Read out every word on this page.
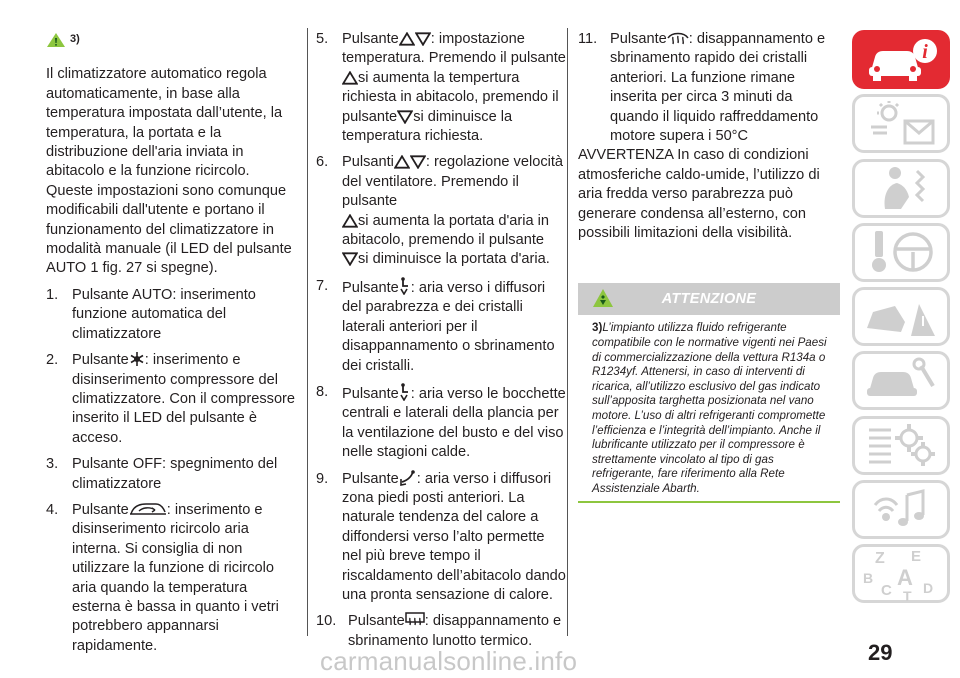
3)

Il climatizzatore automatico regola automaticamente, in base alla temperatura impostata dall’utente, la temperatura, la portata e la distribuzione dell'aria inviata in abitacolo e la funzione ricircolo. Queste impostazioni sono comunque modificabili dall'utente e portano il funzionamento del climatizzatore in modalità manuale (il LED del pulsante AUTO 1 fig. 27 si spegne).

1. Pulsante AUTO: inserimento funzione automatica del climatizzatore
2. Pulsante : inserimento e disinserimento compressore del climatizzatore. Con il compressore inserito il LED del pulsante è acceso.
3. Pulsante OFF: spegnimento del climatizzatore
4. Pulsante	: inserimento e disinserimento ricircolo aria interna. Si consiglia di non utilizzare la funzione di ricircolo aria quando la temperatura esterna è bassa in quanto i vetri potrebbero appannarsi rapidamente.
5. Pulsante : impostazione temperatura. Premendo il pulsante
si aumenta la tempertura richiesta in abitacolo, premendo il pulsante si diminuisce la temperatura richiesta.
6. Pulsanti : regolazione velocità del ventilatore. Premendo il pulsante
si aumenta la portata d'aria in abitacolo, premendo il pulsante
si diminuisce la portata d'aria.
7. Pulsante : aria verso i diffusori del parabrezza e dei cristalli laterali anteriori per il disappannamento o sbrinamento dei cristalli.
8. Pulsante : aria verso le bocchette centrali e laterali della plancia per la ventilazione del busto e del viso nelle stagioni calde.
9. Pulsante : aria verso i diffusori zona piedi posti anteriori. La naturale tendenza del calore a diffondersi verso l’alto permette nel più breve tempo il riscaldamento dell’abitacolo dando una pronta sensazione di calore.
10. Pulsante : disappannamento e sbrinamento lunotto termico.
11. Pulsante : disappannamento e sbrinamento rapido dei cristalli anteriori. La funzione rimane inserita per circa 3 minuti da quando il liquido raffreddamento motore supera i 50°C

AVVERTENZA In caso di condizioni atmosferiche caldo-umide, l’utilizzo di aria fredda verso parabrezza può generare condensa all’esterno, con possibili limitazioni della visibilità.

ATTENZIONE
3)L’impianto utilizza fluido refrigerante compatibile con le normative vigenti nei Paesi di commercializzazione della vettura R134a o R1234yf. Attenersi, in caso di interventi di ricarica, all’utilizzo esclusivo del gas indicato sull’apposita targhetta posizionata nel vano motore. L’uso di altri refrigeranti compromette l’efficienza e l’integrità dell’impianto. Anche il lubrificante utilizzato per il compressore è strettamente vincolato al tipo di gas refrigerante, fare riferimento alla Rete Assistenziale Abarth.
i
Z E
B A
C D
T
29
carmanualsonline.info
